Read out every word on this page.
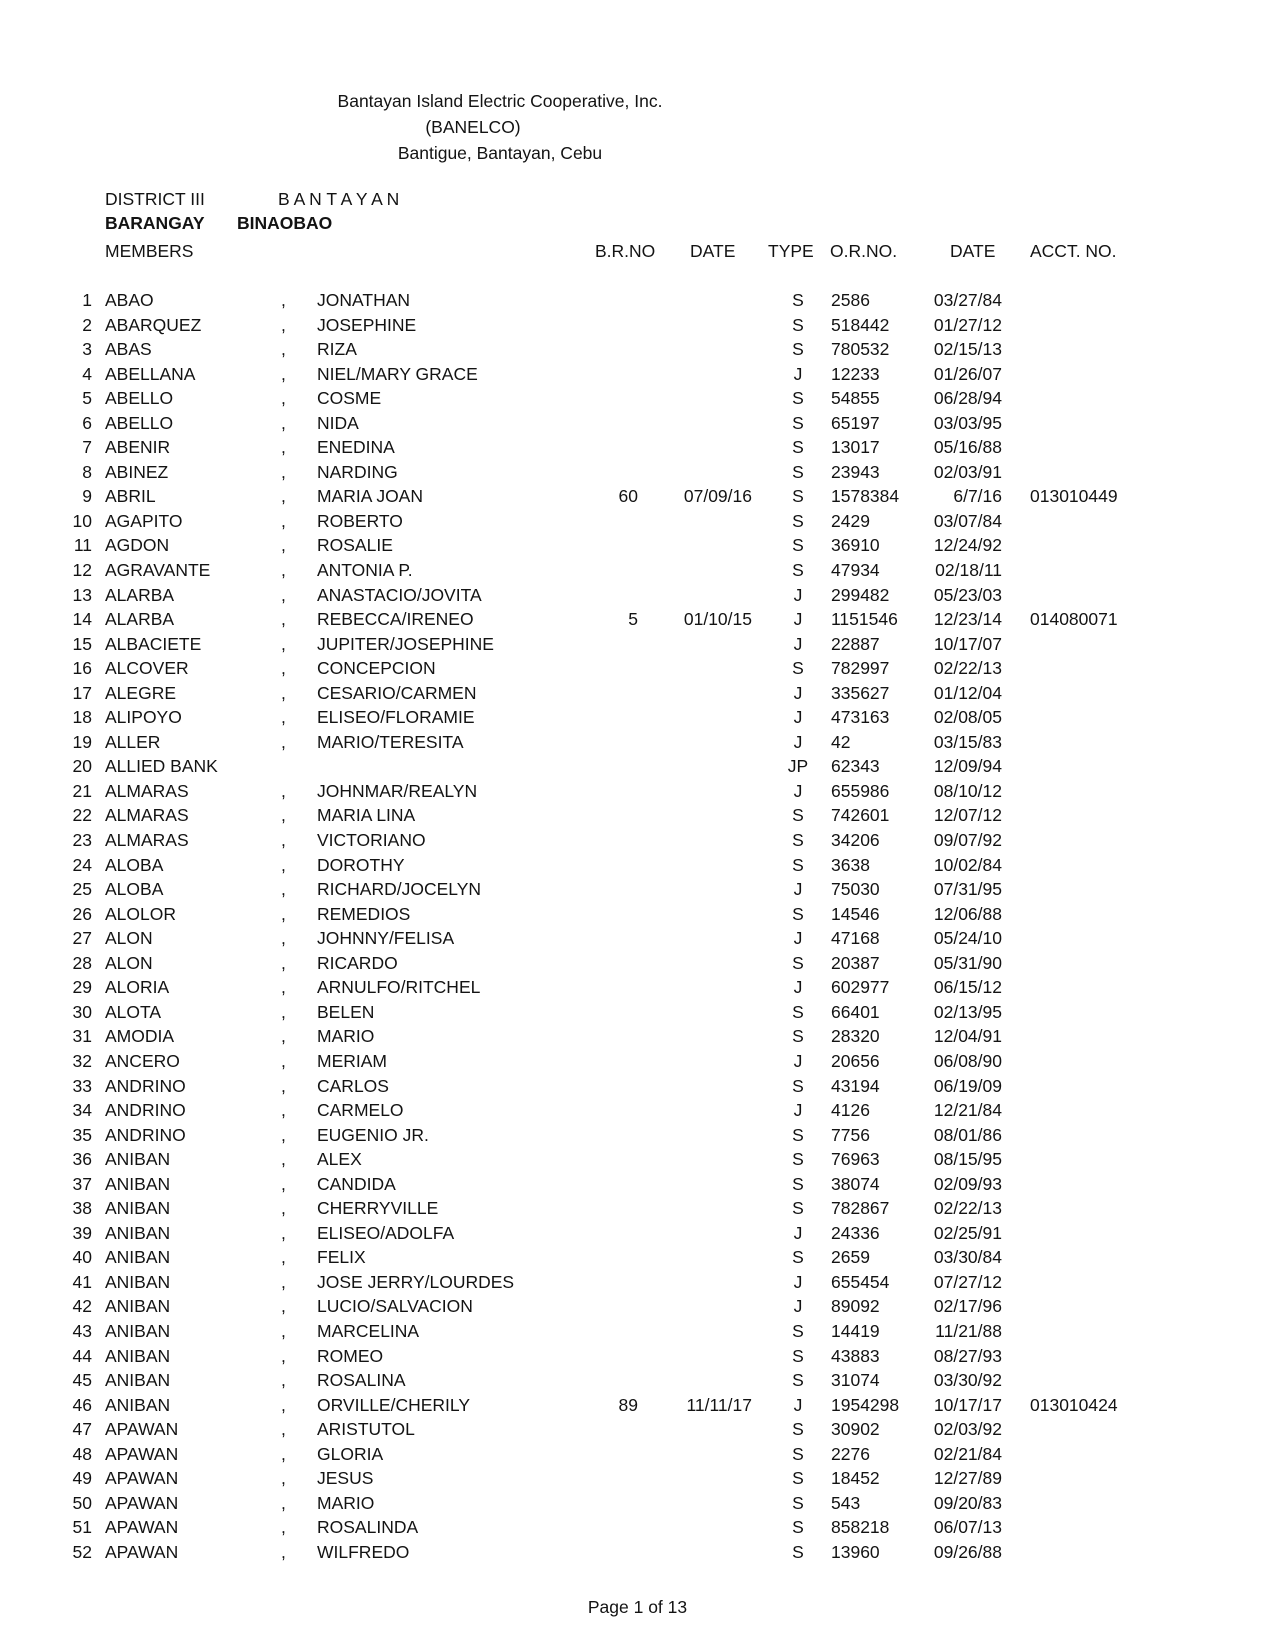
Bantayan Island Electric Cooperative, Inc.
(BANELCO)
Bantigue, Bantayan, Cebu
DISTRICT III	B A N T A Y A N
BARANGAY BINAOBAO
MEMBERS	B.R.NO DATE TYPE O.R.NO.	DATE ACCT. NO.
1 ABAO	, JONATHAN	S	2586	03/27/84
2 ABARQUEZ	, JOSEPHINE	S	518442	01/27/12
3 ABAS	, RIZA	S	780532	02/15/13
4 ABELLANA	, NIEL/MARY GRACE	J	12233	01/26/07
5 ABELLO	, COSME	S	54855	06/28/94
6 ABELLO	, NIDA	S	65197	03/03/95
7 ABENIR	, ENEDINA	S	13017	05/16/88
8 ABINEZ	, NARDING	S	23943	02/03/91
9 ABRIL	, MARIA JOAN	60	07/09/16	S	1578384	6/7/16 013010449
10 AGAPITO	, ROBERTO	S	2429	03/07/84
11 AGDON	, ROSALIE	S	36910	12/24/92
12 AGRAVANTE	, ANTONIA P.	S	47934	02/18/11
13 ALARBA	, ANASTACIO/JOVITA	J	299482	05/23/03
14 ALARBA	, REBECCA/IRENEO	5	01/10/15	J	1151546	12/23/14 014080071
15 ALBACIETE	, JUPITER/JOSEPHINE	J	22887	10/17/07
16 ALCOVER	, CONCEPCION	S	782997	02/22/13
17 ALEGRE	, CESARIO/CARMEN	J	335627	01/12/04
18 ALIPOYO	, ELISEO/FLORAMIE	J	473163	02/08/05
19 ALLER	, MARIO/TERESITA	J	42	03/15/83
20 ALLIED BANK	JP	62343	12/09/94
21 ALMARAS	, JOHNMAR/REALYN	J	655986	08/10/12
22 ALMARAS	, MARIA LINA	S	742601	12/07/12
23 ALMARAS	, VICTORIANO	S	34206	09/07/92
24 ALOBA	, DOROTHY	S	3638	10/02/84
25 ALOBA	, RICHARD/JOCELYN	J	75030	07/31/95
26 ALOLOR	, REMEDIOS	S	14546	12/06/88
27 ALON	, JOHNNY/FELISA	J	47168	05/24/10
28 ALON	, RICARDO	S	20387	05/31/90
29 ALORIA	, ARNULFO/RITCHEL	J	602977	06/15/12
30 ALOTA	, BELEN	S	66401	02/13/95
31 AMODIA	, MARIO	S	28320	12/04/91
32 ANCERO	, MERIAM	J	20656	06/08/90
33 ANDRINO	, CARLOS	S	43194	06/19/09
34 ANDRINO	, CARMELO	J	4126	12/21/84
35 ANDRINO	, EUGENIO JR.	S	7756	08/01/86
36 ANIBAN	, ALEX	S	76963	08/15/95
37 ANIBAN	, CANDIDA	S	38074	02/09/93
38 ANIBAN	, CHERRYVILLE	S	782867	02/22/13
39 ANIBAN	, ELISEO/ADOLFA	J	24336	02/25/91
40 ANIBAN	, FELIX	S	2659	03/30/84
41 ANIBAN	, JOSE JERRY/LOURDES	J	655454	07/27/12
42 ANIBAN	, LUCIO/SALVACION	J	89092	02/17/96
43 ANIBAN	, MARCELINA	S	14419	11/21/88
44 ANIBAN	, ROMEO	S	43883	08/27/93
45 ANIBAN	, ROSALINA	S	31074	03/30/92
46 ANIBAN	, ORVILLE/CHERILY	89	11/11/17	J	1954298	10/17/17 013010424
47 APAWAN	, ARISTUTOL	S	30902	02/03/92
48 APAWAN	, GLORIA	S	2276	02/21/84
49 APAWAN	, JESUS	S	18452	12/27/89
50 APAWAN	, MARIO	S	543	09/20/83
51 APAWAN	, ROSALINDA	S	858218	06/07/13
52 APAWAN	, WILFREDO	S	13960	09/26/88
Page 1 of 13
